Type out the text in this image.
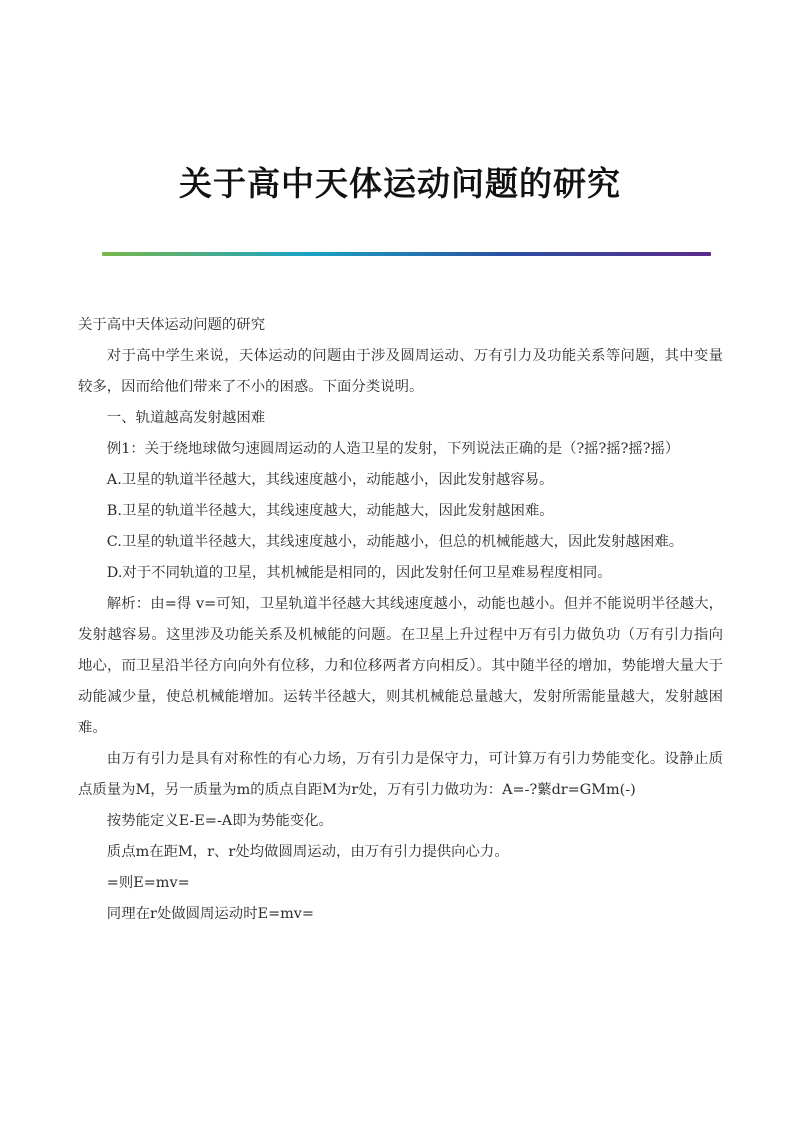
关于高中天体运动问题的研究

关于高中天体运动问题的研究

对于高中学生来说，天体运动的问题由于涉及圆周运动、万有引力及功能关系等问题，其中变量较多，因而给他们带来了不小的困惑。下面分类说明。

一、轨道越高发射越困难

例1：关于绕地球做匀速圆周运动的人造卫星的发射，下列说法正确的是（?摇?摇?摇?摇）

A.卫星的轨道半径越大，其线速度越小，动能越小，因此发射越容易。

B.卫星的轨道半径越大，其线速度越大，动能越大，因此发射越困难。

C.卫星的轨道半径越大，其线速度越小，动能越小，但总的机械能越大，因此发射越困难。

D.对于不同轨道的卫星，其机械能是相同的，因此发射任何卫星难易程度相同。

解析：由=得 v=可知，卫星轨道半径越大其线速度越小，动能也越小。但并不能说明半径越大，发射越容易。这里涉及功能关系及机械能的问题。在卫星上升过程中万有引力做负功（万有引力指向地心，而卫星沿半径方向向外有位移，力和位移两者方向相反）。其中随半径的增加，势能增大量大于动能减少量，使总机械能增加。运转半径越大，则其机械能总量越大，发射所需能量越大，发射越困难。

由万有引力是具有对称性的有心力场，万有引力是保守力，可计算万有引力势能变化。设静止质点质量为M，另一质量为m的质点自距M为r处，万有引力做功为：A=-?蘩dr=GMm(-)

按势能定义E-E=-A即为势能变化。

质点m在距M，r、r处均做圆周运动，由万有引力提供向心力。

=则E=mv=

同理在r处做圆周运动时E=mv=
